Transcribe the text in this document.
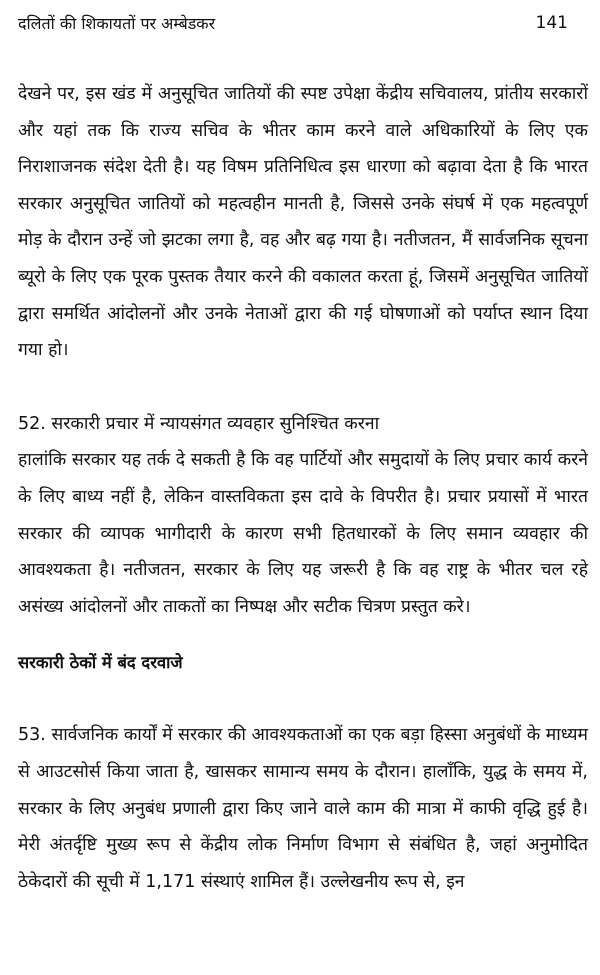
दलितों की शिकायतों पर अम्बेडकर	141

देखने पर, इस खंड में अनुसूचित जातियों की स्पष्ट उपेक्षा केंद्रीय सचिवालय, प्रांतीय सरकारों और यहां तक कि राज्य सचिव के भीतर काम करने वाले अधिकारियों के लिए एक निराशाजनक संदेश देती है। यह विषम प्रतिनिधित्व इस धारणा को बढ़ावा देता है कि भारत सरकार अनुसूचित जातियों को महत्वहीन मानती है, जिससे उनके संघर्ष में एक महत्वपूर्ण मोड़ के दौरान उन्हें जो झटका लगा है, वह और बढ़ गया है। नतीजतन, मैं सार्वजनिक सूचना ब्यूरो के लिए एक पूरक पुस्तक तैयार करने की वकालत करता हूं, जिसमें अनुसूचित जातियों द्वारा समर्थित आंदोलनों और उनके नेताओं द्वारा की गई घोषणाओं को पर्याप्त स्थान दिया गया हो।

52. सरकारी प्रचार में न्यायसंगत व्यवहार सुनिश्चित करना

हालांकि सरकार यह तर्क दे सकती है कि वह पार्टियों और समुदायों के लिए प्रचार कार्य करने के लिए बाध्य नहीं है, लेकिन वास्तविकता इस दावे के विपरीत है। प्रचार प्रयासों में भारत सरकार की व्यापक भागीदारी के कारण सभी हितधारकों के लिए समान व्यवहार की आवश्यकता है। नतीजतन, सरकार के लिए यह जरूरी है कि वह राष्ट्र के भीतर चल रहे असंख्य आंदोलनों और ताकतों का निष्पक्ष और सटीक चित्रण प्रस्तुत करे।

सरकारी ठेकों में बंद दरवाजे

53. सार्वजनिक कार्यों में सरकार की आवश्यकताओं का एक बड़ा हिस्सा अनुबंधों के माध्यम से आउटसोर्स किया जाता है, खासकर सामान्य समय के दौरान। हालाँकि, युद्ध के समय में, सरकार के लिए अनुबंध प्रणाली द्वारा किए जाने वाले काम की मात्रा में काफी वृद्धि हुई है। मेरी अंतर्दृष्टि मुख्य रूप से केंद्रीय लोक निर्माण विभाग से संबंधित है, जहां अनुमोदित ठेकेदारों की सूची में 1,171 संस्थाएं शामिल हैं। उल्लेखनीय रूप से, इन
